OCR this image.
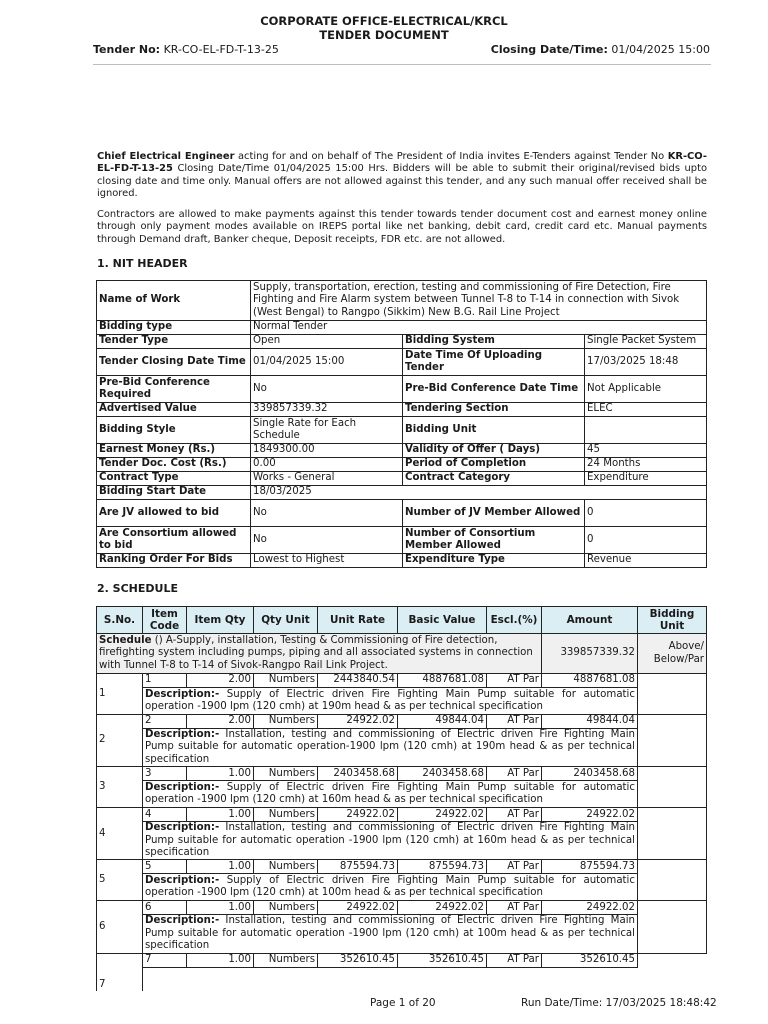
CORPORATE OFFICE-ELECTRICAL/KRCL
TENDER DOCUMENT
Tender No: KR-CO-EL-FD-T-13-25	Closing Date/Time: 01/04/2025 15:00
Chief Electrical Engineer acting for and on behalf of The President of India invites E-Tenders against Tender No KR-CO-EL-FD-T-13-25 Closing Date/Time 01/04/2025 15:00 Hrs. Bidders will be able to submit their original/revised bids upto closing date and time only. Manual offers are not allowed against this tender, and any such manual offer received shall be ignored.
Contractors are allowed to make payments against this tender towards tender document cost and earnest money online through only payment modes available on IREPS portal like net banking, debit card, credit card etc. Manual payments through Demand draft, Banker cheque, Deposit receipts, FDR etc. are not allowed.
1. NIT HEADER
Name of Work	Supply, transportation, erection, testing and commissioning of Fire Detection, Fire Fighting and Fire Alarm system between Tunnel T-8 to T-14 in connection with Sivok (West Bengal) to Rangpo (Sikkim) New B.G. Rail Line Project		
Bidding type	Normal Tender		
Tender Type	Open	Bidding System	Single Packet System
Tender Closing Date Time	01/04/2025 15:00	Date Time Of Uploading Tender	17/03/2025 18:48
Pre-Bid Conference Required	No	Pre-Bid Conference Date Time	Not Applicable
Advertised Value	339857339.32	Tendering Section	ELEC
Bidding Style	Single Rate for Each Schedule	Bidding Unit	
Earnest Money (Rs.)	1849300.00	Validity of Offer ( Days)	45
Tender Doc. Cost (Rs.)	0.00	Period of Completion	24 Months
Contract Type	Works - General	Contract Category	Expenditure
Bidding Start Date	18/03/2025		
Are JV allowed to bid	No	Number of JV Member Allowed	0
Are Consortium allowed to bid	No	Number of Consortium Member Allowed	0
Ranking Order For Bids	Lowest to Highest	Expenditure Type	Revenue
2. SCHEDULE
S.No.	Item Code	Item Qty	Qty Unit	Unit Rate	Basic Value	Escl.(%)	Amount	Bidding Unit
Schedule () A-Supply, installation, Testing & Commissioning of Fire detection, firefighting system including pumps, piping and all associated systems in connection with Tunnel T-8 to T-14 of Sivok-Rangpo Rail Link Project.							339857339.32	Above/ Below/Par
1	1	2.00	Numbers	2443840.54	4887681.08	AT Par	4887681.08	
	Description:- Supply of Electric driven Fire Fighting Main Pump suitable for automatic operation -1900 lpm (120 cmh) at 190m head & as per technical specification							
2	2	2.00	Numbers	24922.02	49844.04	AT Par	49844.04	
	Description:- Installation, testing and commissioning of Electric driven Fire Fighting Main Pump suitable for automatic operation-1900 lpm (120 cmh) at 190m head & as per technical specification							
3	3	1.00	Numbers	2403458.68	2403458.68	AT Par	2403458.68	
	Description:- Supply of Electric driven Fire Fighting Main Pump suitable for automatic operation -1900 lpm (120 cmh) at 160m head & as per technical specification							
4	4	1.00	Numbers	24922.02	24922.02	AT Par	24922.02	
	Description:- Installation, testing and commissioning of Electric driven Fire Fighting Main Pump suitable for automatic operation -1900 lpm (120 cmh) at 160m head & as per technical specification							
5	5	1.00	Numbers	875594.73	875594.73	AT Par	875594.73	
	Description:- Supply of Electric driven Fire Fighting Main Pump suitable for automatic operation -1900 lpm (120 cmh) at 100m head & as per technical specification							
6	6	1.00	Numbers	24922.02	24922.02	AT Par	24922.02	
	Description:- Installation, testing and commissioning of Electric driven Fire Fighting Main Pump suitable for automatic operation -1900 lpm (120 cmh) at 100m head & as per technical specification							
7	7	1.00	Numbers	352610.45	352610.45	AT Par	352610.45	

Page 1 of 20	Run Date/Time: 17/03/2025 18:48:42
